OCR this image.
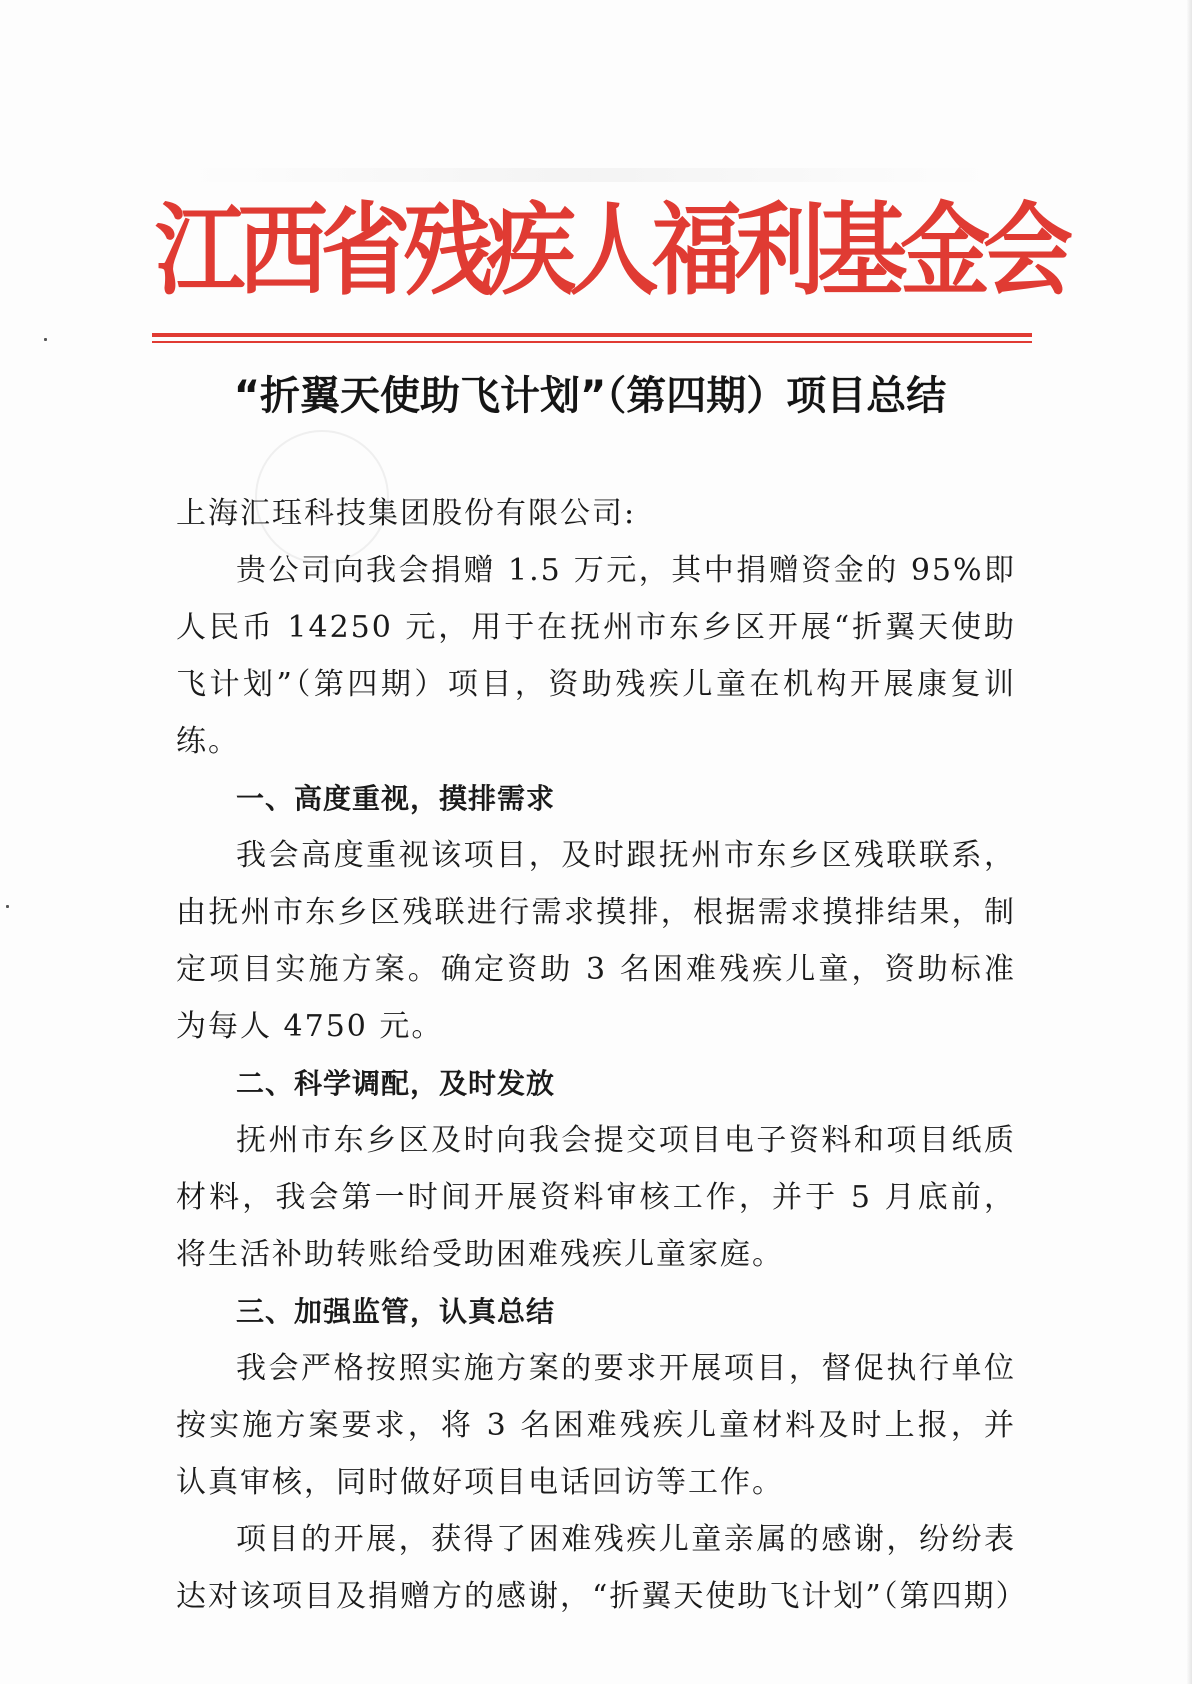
江西省残疾人福利基金会
“折翼天使助飞计划”（第四期）项目总结

上海汇珏科技集团股份有限公司:

贵公司向我会捐赠 1.5 万元，其中捐赠资金的 95%即人民币 14250 元，用于在抚州市东乡区开展“折翼天使助飞计划”（第四期）项目，资助残疾儿童在机构开展康复训练。

一、高度重视，摸排需求

我会高度重视该项目，及时跟抚州市东乡区残联联系，由抚州市东乡区残联进行需求摸排，根据需求摸排结果，制定项目实施方案。确定资助 3 名困难残疾儿童，资助标准为每人 4750 元。

二、科学调配，及时发放

抚州市东乡区及时向我会提交项目电子资料和项目纸质材料，我会第一时间开展资料审核工作，并于 5 月底前，将生活补助转账给受助困难残疾儿童家庭。

三、加强监管，认真总结

我会严格按照实施方案的要求开展项目，督促执行单位按实施方案要求，将 3 名困难残疾儿童材料及时上报，并认真审核，同时做好项目电话回访等工作。

项目的开展，获得了困难残疾儿童亲属的感谢，纷纷表达对该项目及捐赠方的感谢，“折翼天使助飞计划”（第四期）
